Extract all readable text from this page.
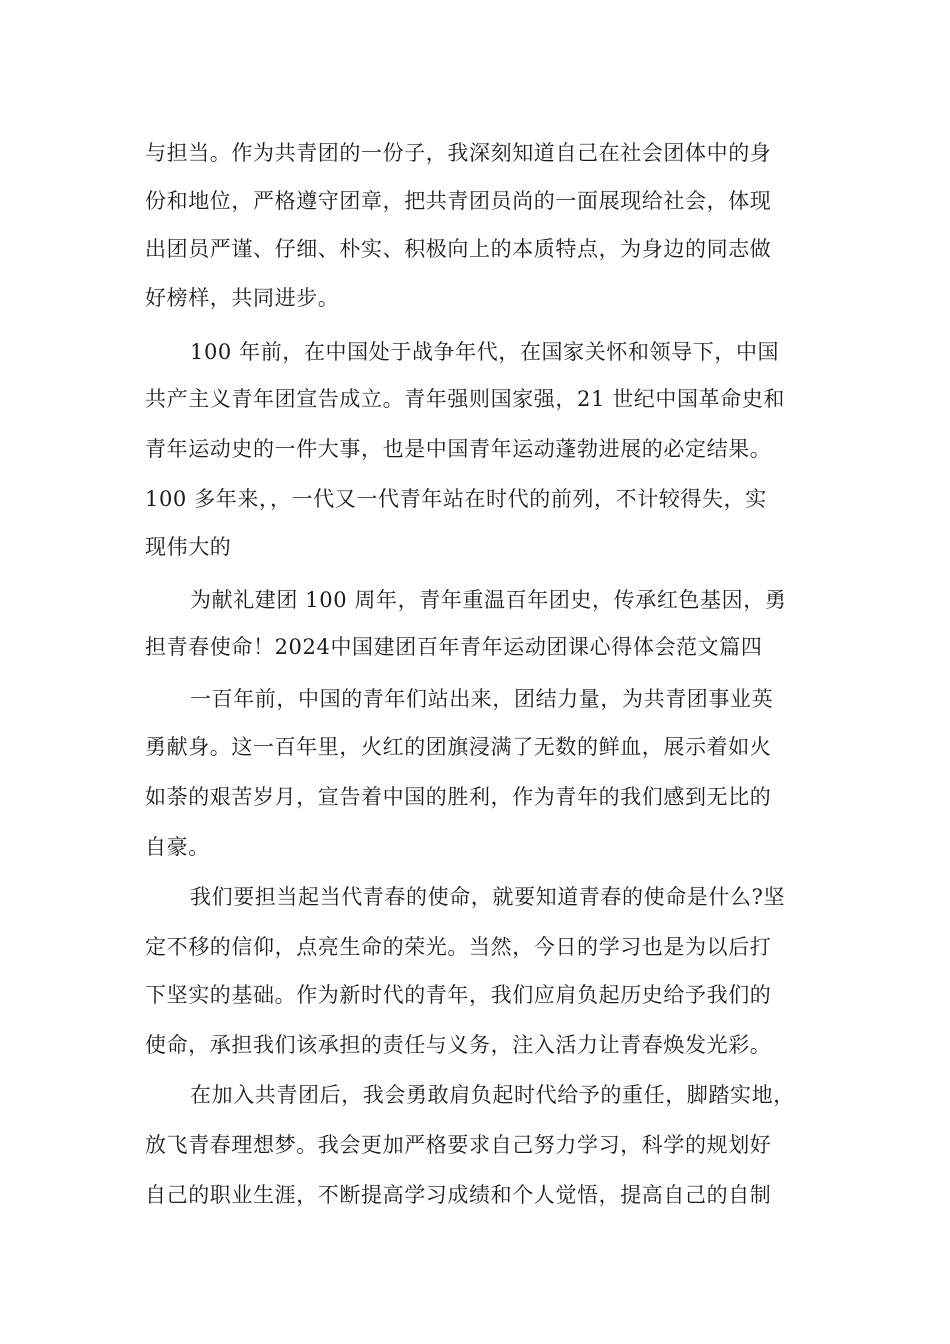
与担当。作为共青团的一份子，我深刻知道自己在社会团体中的身
份和地位，严格遵守团章，把共青团员尚的一面展现给社会，体现
出团员严谨、仔细、朴实、积极向上的本质特点，为身边的同志做
好榜样，共同进步。
100 年前，在中国处于战争年代，在国家关怀和领导下，中国
共产主义青年团宣告成立。青年强则国家强，21 世纪中国革命史和
青年运动史的一件大事，也是中国青年运动蓬勃进展的必定结果。
100 多年来，，一代又一代青年站在时代的前列，不计较得失，实
现伟大的
为献礼建团 100 周年，青年重温百年团史，传承红色基因，勇
担青春使命！2024中国建团百年青年运动团课心得体会范文篇四
一百年前，中国的青年们站出来，团结力量，为共青团事业英
勇献身。这一百年里，火红的团旗浸满了无数的鲜血，展示着如火
如荼的艰苦岁月，宣告着中国的胜利，作为青年的我们感到无比的
自豪。
我们要担当起当代青春的使命，就要知道青春的使命是什么?坚
定不移的信仰，点亮生命的荣光。当然，今日的学习也是为以后打
下坚实的基础。作为新时代的青年，我们应肩负起历史给予我们的
使命，承担我们该承担的责任与义务，注入活力让青春焕发光彩。
在加入共青团后，我会勇敢肩负起时代给予的重任，脚踏实地，
放飞青春理想梦。我会更加严格要求自己努力学习，科学的规划好
自己的职业生涯，不断提高学习成绩和个人觉悟，提高自己的自制
